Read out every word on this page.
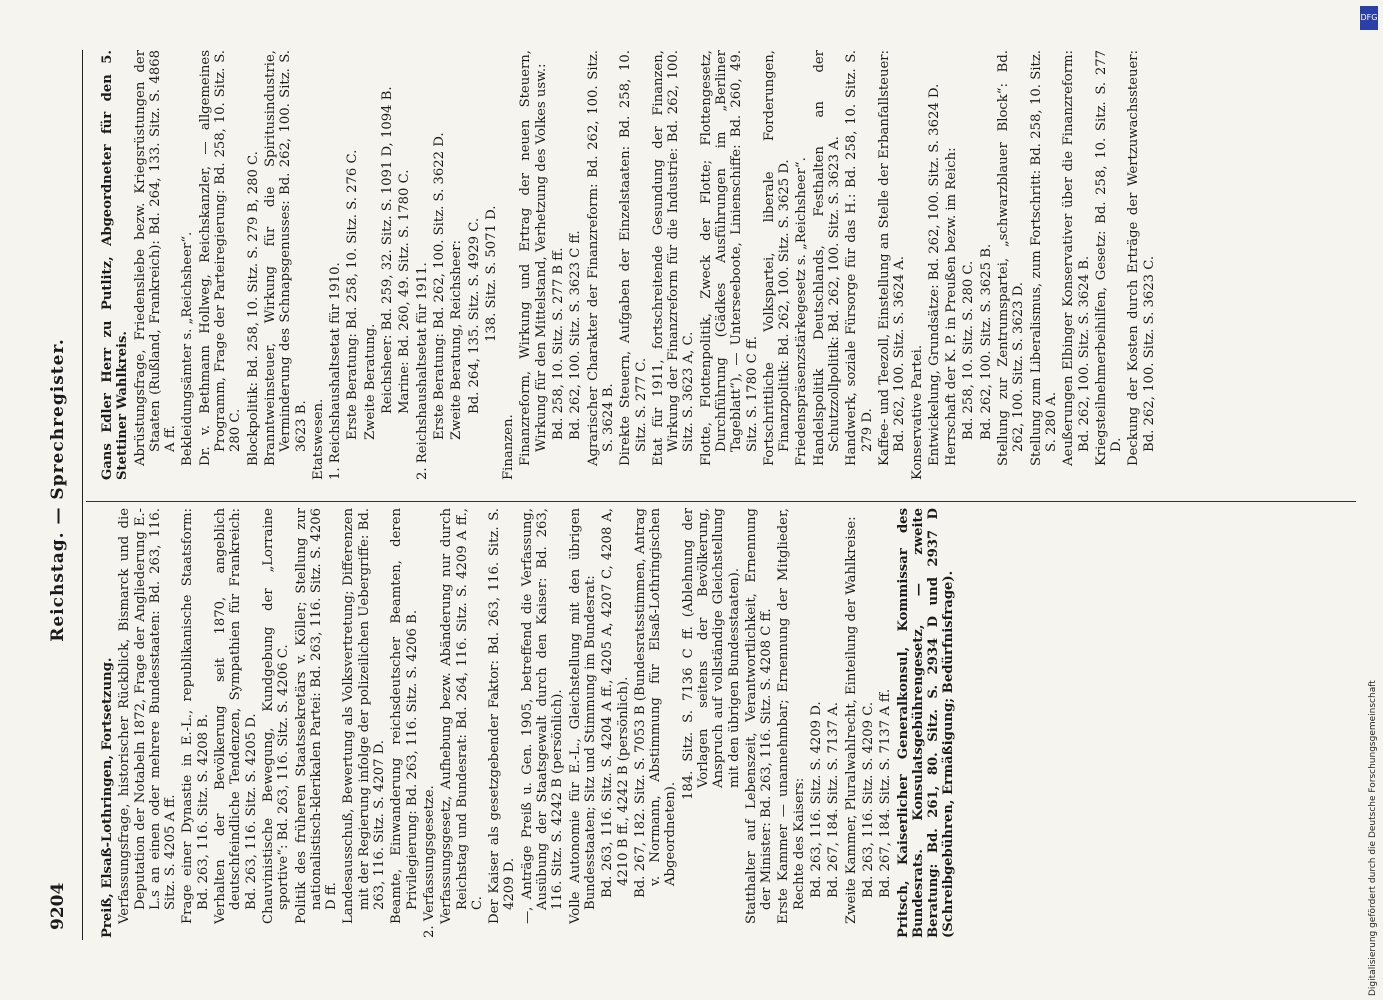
9204
Reichstag. — Sprechregister.

Preiß, Elsaß-Lothringen, Fortsetzung. Verfassungsfrage, historischer Rückblick, Bismarck und die Deputation der Notabeln 1872, Frage der Angliederung E.-L.s an einen oder mehrere Bundesstaaten: Bd. 263, 116. Sitz. S. 4205 A ff. Frage einer Dynastie in E.-L., republikanische Staatsform: Bd. 263, 116. Sitz. S. 4208 B. Verhalten der Bevölkerung seit 1870, angeblich deutschfeindliche Tendenzen, Sympathien für Frankreich: Bd. 263, 116. Sitz. S. 4205 D. Chauvinistische Bewegung, Kundgebung der „Lorraine sportive“: Bd. 263, 116. Sitz. S. 4206 C. Politik des früheren Staatssekretärs v. Köller; Stellung zur nationalistisch-klerikalen Partei: Bd. 263, 116. Sitz. S. 4206 D ff. Landesausschuß, Bewertung als Volksvertretung; Differenzen mit der Regierung infolge der polizeilichen Uebergriffe: Bd. 263, 116. Sitz. S. 4207 D. Beamte, Einwanderung reichsdeutscher Beamten, deren Privilegierung: Bd. 263, 116. Sitz. S. 4206 B. 2. Verfassungsgesetze. Verfassungsgesetz, Aufhebung bezw. Abänderung nur durch Reichstag und Bundesrat: Bd. 264, 116. Sitz. S. 4209 A ff., C. Der Kaiser als gesetzgebender Faktor: Bd. 263, 116. Sitz. S. 4209 D. —, Anträge Preiß u. Gen. 1905, betreffend die Verfassung, Ausübung der Staatsgewalt durch den Kaiser: Bd. 263, 116. Sitz. S. 4242 B (persönlich). Volle Autonomie für E.-L., Gleichstellung mit den übrigen Bundesstaaten; Sitz und Stimmung im Bundesrat: Bd. 263, 116. Sitz. S. 4204 A ff., 4205 A, 4207 C, 4208 A, 4210 B ff., 4242 B (persönlich). Bd. 267, 182. Sitz. S. 7053 B (Bundesratsstimmen, Antrag v. Normann, Abstimmung für Elsaß-Lothringischen Abgeordneten).

184. Sitz. S. 7136 C ff. (Ablehnung der Vorlagen seitens der Bevölkerung, Anspruch auf vollständige Gleichstellung mit den übrigen Bundesstaaten). Statthalter auf Lebenszeit, Verantwortlichkeit, Ernennung der Minister: Bd. 263, 116. Sitz. S. 4208 C ff. Erste Kammer — unannehmbar; Ernennung der Mitglieder, Rechte des Kaisers: Bd. 263, 116. Sitz. S. 4209 D. Bd. 267, 184. Sitz. S. 7137 A. Zweite Kammer, Pluralwahlrecht, Einteilung der Wahlkreise: Bd. 263, 116. Sitz. S. 4209 C. Bd. 267, 184. Sitz. S. 7137 A ff. Pritsch, Kaiserlicher Generalkonsul, Kommissar des Bundesrats. Konsulatsgebührengesetz, — zweite Beratung: Bd. 261, 80. Sitz. S. 2934 D und 2937 D (Schreibgebühren, Ermäßigung; Bedürfnisfrage).

Gans Edler Herr zu Putlitz, Abgeordneter für den 5. Stettiner Wahlkreis. Abrüstungsfrage, Friedensliebe bezw. Kriegsrüstungen der Staaten (Rußland, Frankreich): Bd. 264, 133. Sitz. S. 4868 A ff. Bekleidungsämter s. „Reichsheer“. Dr. v. Bethmann Hollweg, Reichskanzler, — allgemeines Programm, Frage der Parteiregierung: Bd. 258, 10. Sitz. S. 280 C. Blockpolitik: Bd. 258, 10. Sitz. S. 279 B, 280 C. Branntweinsteuer, Wirkung für die Spiritusindustrie, Verminderung des Schnapsgenusses: Bd. 262, 100. Sitz. S. 3623 B. Etatswesen. 1. Reichshaushaltsetat für 1910. Erste Beratung: Bd. 258, 10. Sitz. S. 276 C. Zweite Beratung. Reichsheer: Bd. 259, 32. Sitz. S. 1091 D, 1094 B. Marine: Bd. 260, 49. Sitz. S. 1780 C. 2. Reichshaushaltsetat für 1911. Erste Beratung: Bd. 262, 100. Sitz. S. 3622 D. Zweite Beratung, Reichsheer: Bd. 264, 135. Sitz. S. 4929 C. 138. Sitz. S. 5071 D.

Finanzen. Finanzreform, Wirkung und Ertrag der neuen Steuern, Wirkung für den Mittelstand, Verhetzung des Volkes usw.: Bd. 258, 10. Sitz. S. 277 B ff. Bd. 262, 100. Sitz. S. 3623 C ff. Agrarischer Charakter der Finanzreform: Bd. 262, 100. Sitz. S. 3624 B. Direkte Steuern, Aufgaben der Einzelstaaten: Bd. 258, 10. Sitz. S. 277 C. Etat für 1911, fortschreitende Gesundung der Finanzen, Wirkung der Finanzreform für die Industrie: Bd. 262, 100. Sitz. S. 3623 A, C. Flotte, Flottenpolitik, Zweck der Flotte; Flottengesetz, Durchführung (Gädkes Ausführungen im „Berliner Tageblatt“), — Unterseeboote, Linienschiffe: Bd. 260, 49. Sitz. S. 1780 C ff. Fortschrittliche Volkspartei, liberale Forderungen, Finanzpolitik: Bd. 262, 100. Sitz. S. 3625 D. Friedenspräsenzstärkegesetz s. „Reichsheer“. Handelspolitik Deutschlands, Festhalten an der Schutzzollpolitik: Bd. 262, 100. Sitz. S. 3623 A. Handwerk, soziale Fürsorge für das H.: Bd. 258, 10. Sitz. S. 279 D. Kaffee- und Teezoll, Einstellung an Stelle der Erbanfallsteuer: Bd. 262, 100. Sitz. S. 3624 A. Konservative Partei. Entwickelung, Grundsätze: Bd. 262, 100. Sitz. S. 3624 D. Herrschaft der K. P. in Preußen bezw. im Reich: Bd. 258, 10. Sitz. S. 280 C. Bd. 262, 100. Sitz. S. 3625 B. Stellung zur Zentrumspartei, „schwarzblauer Block“: Bd. 262, 100. Sitz. S. 3623 D. Stellung zum Liberalismus, zum Fortschritt: Bd. 258, 10. Sitz. S. 280 A. Aeußerungen Elbinger Konservativer über die Finanzreform: Bd. 262, 100. Sitz. S. 3624 B. Kriegsteilnehmerbeihilfen, Gesetz: Bd. 258, 10. Sitz. S. 277 D. Deckung der Kosten durch Erträge der Wertzuwachssteuer: Bd. 262, 100. Sitz. S. 3623 C.

DFG
Digitalisierung gefördert durch die Deutsche Forschungsgemeinschaft
